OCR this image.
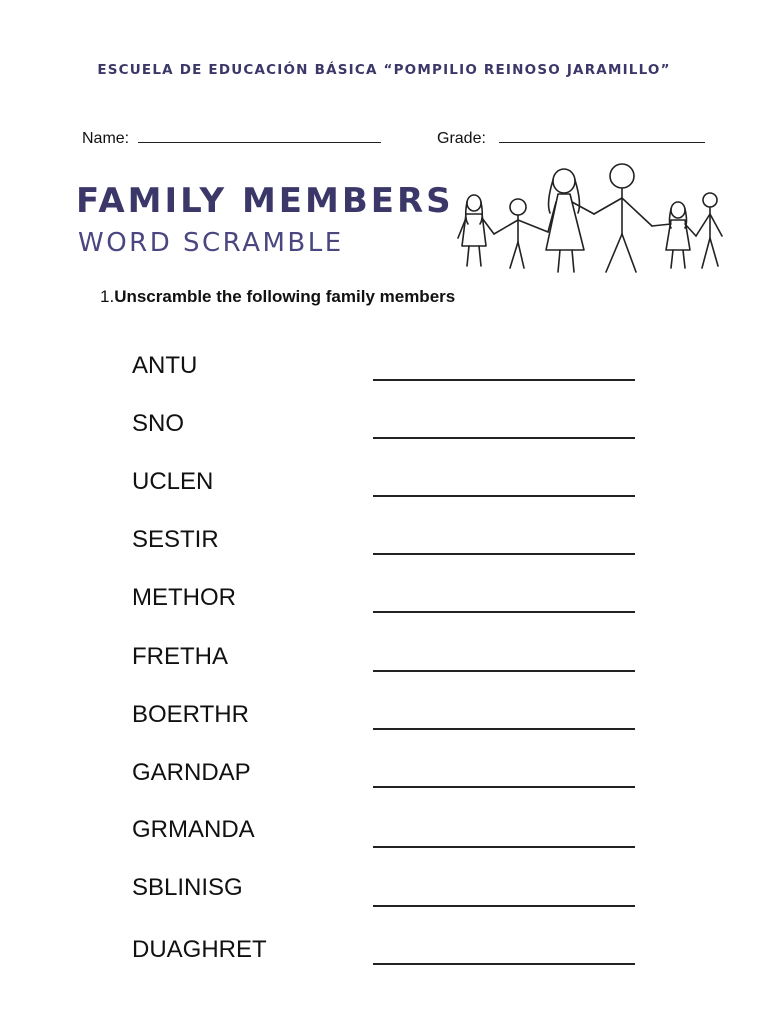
ESCUELA DE EDUCACIÓN BÁSICA “POMPILIO REINOSO JARAMILLO”
Name:	Grade:
FAMILY MEMBERS
WORD SCRAMBLE
1.Unscramble the following family members
ANTU
SNO
UCLEN
SESTIR
METHOR
FRETHA
BOERTHR
GARNDAP
GRMANDA
SBLINISG
DUAGHRET
